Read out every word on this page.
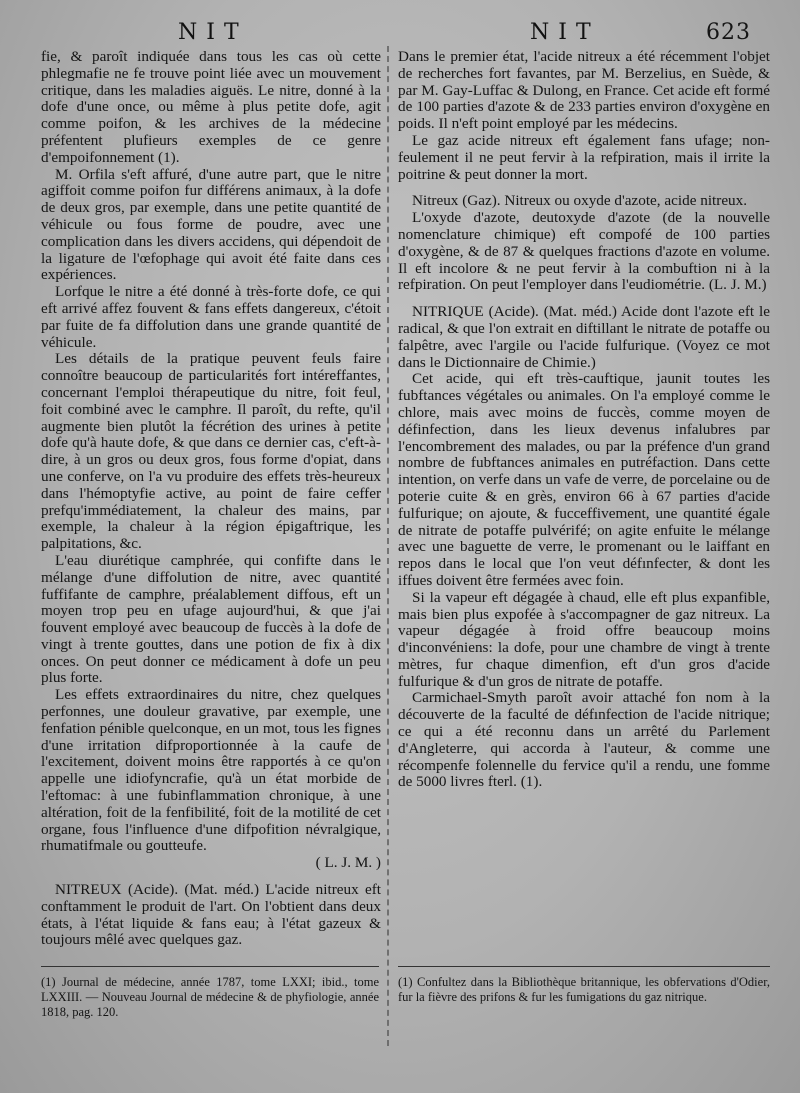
NIT	NIT	623

fie, & paroît indiquée dans tous les cas où cette phlegmafie ne fe trouve point liée avec un mouvement critique, dans les maladies aiguës. Le nitre, donné à la dofe d'une once, ou même à plus petite dofe, agit comme poifon, & les archives de la médecine préfentent plufieurs exemples de ce genre d'empoifonnement (1).

M. Orfila s'eft affuré, d'une autre part, que le nitre agiffoit comme poifon fur différens animaux, à la dofe de deux gros, par exemple, dans une petite quantité de véhicule ou fous forme de poudre, avec une complication dans les divers accidens, qui dépendoit de la ligature de l'œfophage qui avoit été faite dans ces expériences.

Lorfque le nitre a été donné à très-forte dofe, ce qui eft arrivé affez fouvent & fans effets dangereux, c'étoit par fuite de fa diffolution dans une grande quantité de véhicule.

Les détails de la pratique peuvent feuls faire connoître beaucoup de particularités fort intéreffantes, concernant l'emploi thérapeutique du nitre, foit feul, foit combiné avec le camphre. Il paroît, du refte, qu'il augmente bien plutôt la fécrétion des urines à petite dofe qu'à haute dofe, & que dans ce dernier cas, c'eft-à-dire, à un gros ou deux gros, fous forme d'opiat, dans une conferve, on l'a vu produire des effets très-heureux dans l'hémoptyfie active, au point de faire ceffer prefqu'immédiatement, la chaleur des mains, par exemple, la chaleur à la région épigaftrique, les palpitations, &c.

L'eau diurétique camphrée, qui confifte dans le mélange d'une diffolution de nitre, avec quantité fuffifante de camphre, préalablement diffous, eft un moyen trop peu en ufage aujourd'hui, & que j'ai fouvent employé avec beaucoup de fuccès à la dofe de vingt à trente gouttes, dans une potion de fix à dix onces. On peut donner ce médicament à dofe un peu plus forte.

Les effets extraordinaires du nitre, chez quelques perfonnes, une douleur gravative, par exemple, une fenfation pénible quelconque, en un mot, tous les fignes d'une irritation difproportionnée à la caufe de l'excitement, doivent moins être rapportés à ce qu'on appelle une idiofyncrafie, qu'à un état morbide de l'eftomac: à une fubinflammation chronique, à une altération, foit de la fenfibilité, foit de la motilité de cet organe, fous l'influence d'une difpofition névralgique, rhumatifmale ou goutteufe.

( L. J. M. )

NITREUX (Acide). (Mat. méd.) L'acide nitreux eft conftamment le produit de l'art. On l'obtient dans deux états, à l'état liquide & fans eau; à l'état gazeux & toujours mêlé avec quelques gaz.

Dans le premier état, l'acide nitreux a été récemment l'objet de recherches fort favantes, par M. Berzelius, en Suède, & par M. Gay-Luffac & Dulong, en France. Cet acide eft formé de 100 parties d'azote & de 233 parties environ d'oxygène en poids. Il n'eft point employé par les médecins.

Le gaz acide nitreux eft également fans ufage; non-feulement il ne peut fervir à la refpiration, mais il irrite la poitrine & peut donner la mort.

Nitreux (Gaz). Nitreux ou oxyde d'azote, acide nitreux.

L'oxyde d'azote, deutoxyde d'azote (de la nouvelle nomenclature chimique) eft compofé de 100 parties d'oxygène, & de 87 & quelques fractions d'azote en volume. Il eft incolore & ne peut fervir à la combuftion ni à la refpiration. On peut l'employer dans l'eudiométrie. (L. J. M.)

NITRIQUE (Acide). (Mat. méd.) Acide dont l'azote eft le radical, & que l'on extrait en diftillant le nitrate de potaffe ou falpêtre, avec l'argile ou l'acide fulfurique. (Voyez ce mot dans le Dictionnaire de Chimie.)

Cet acide, qui eft très-cauftique, jaunit toutes les fubftances végétales ou animales. On l'a employé comme le chlore, mais avec moins de fuccès, comme moyen de définfection, dans les lieux devenus infalubres par l'encombrement des malades, ou par la préfence d'un grand nombre de fubftances animales en putréfaction. Dans cette intention, on verfe dans un vafe de verre, de porcelaine ou de poterie cuite & en grès, environ 66 à 67 parties d'acide fulfurique; on ajoute, & fucceffivement, une quantité égale de nitrate de potaffe pulvérifé; on agite enfuite le mélange avec une baguette de verre, le promenant ou le laiffant en repos dans le local que l'on veut défınfecter, & dont les iffues doivent être fermées avec foin.

Si la vapeur eft dégagée à chaud, elle eft plus expanfible, mais bien plus expofée à s'accompagner de gaz nitreux. La vapeur dégagée à froid offre beaucoup moins d'inconvéniens: la dofe, pour une chambre de vingt à trente mètres, fur chaque dimenfion, eft d'un gros d'acide fulfurique & d'un gros de nitrate de potaffe.

Carmichael-Smyth paroît avoir attaché fon nom à la découverte de la faculté de défınfection de l'acide nitrique; ce qui a été reconnu dans un arrêté du Parlement d'Angleterre, qui accorda à l'auteur, & comme une récompenfe folennelle du fervice qu'il a rendu, une fomme de 5000 livres fterl. (1).

(1) Journal de médecine, année 1787, tome LXXI; ibid., tome LXXIII. — Nouveau Journal de médecine & de phyfiologie, année 1818, pag. 120.
(1) Confultez dans la Bibliothèque britannique, les obfervations d'Odier, fur la fièvre des prifons & fur les fumigations du gaz nitrique.
